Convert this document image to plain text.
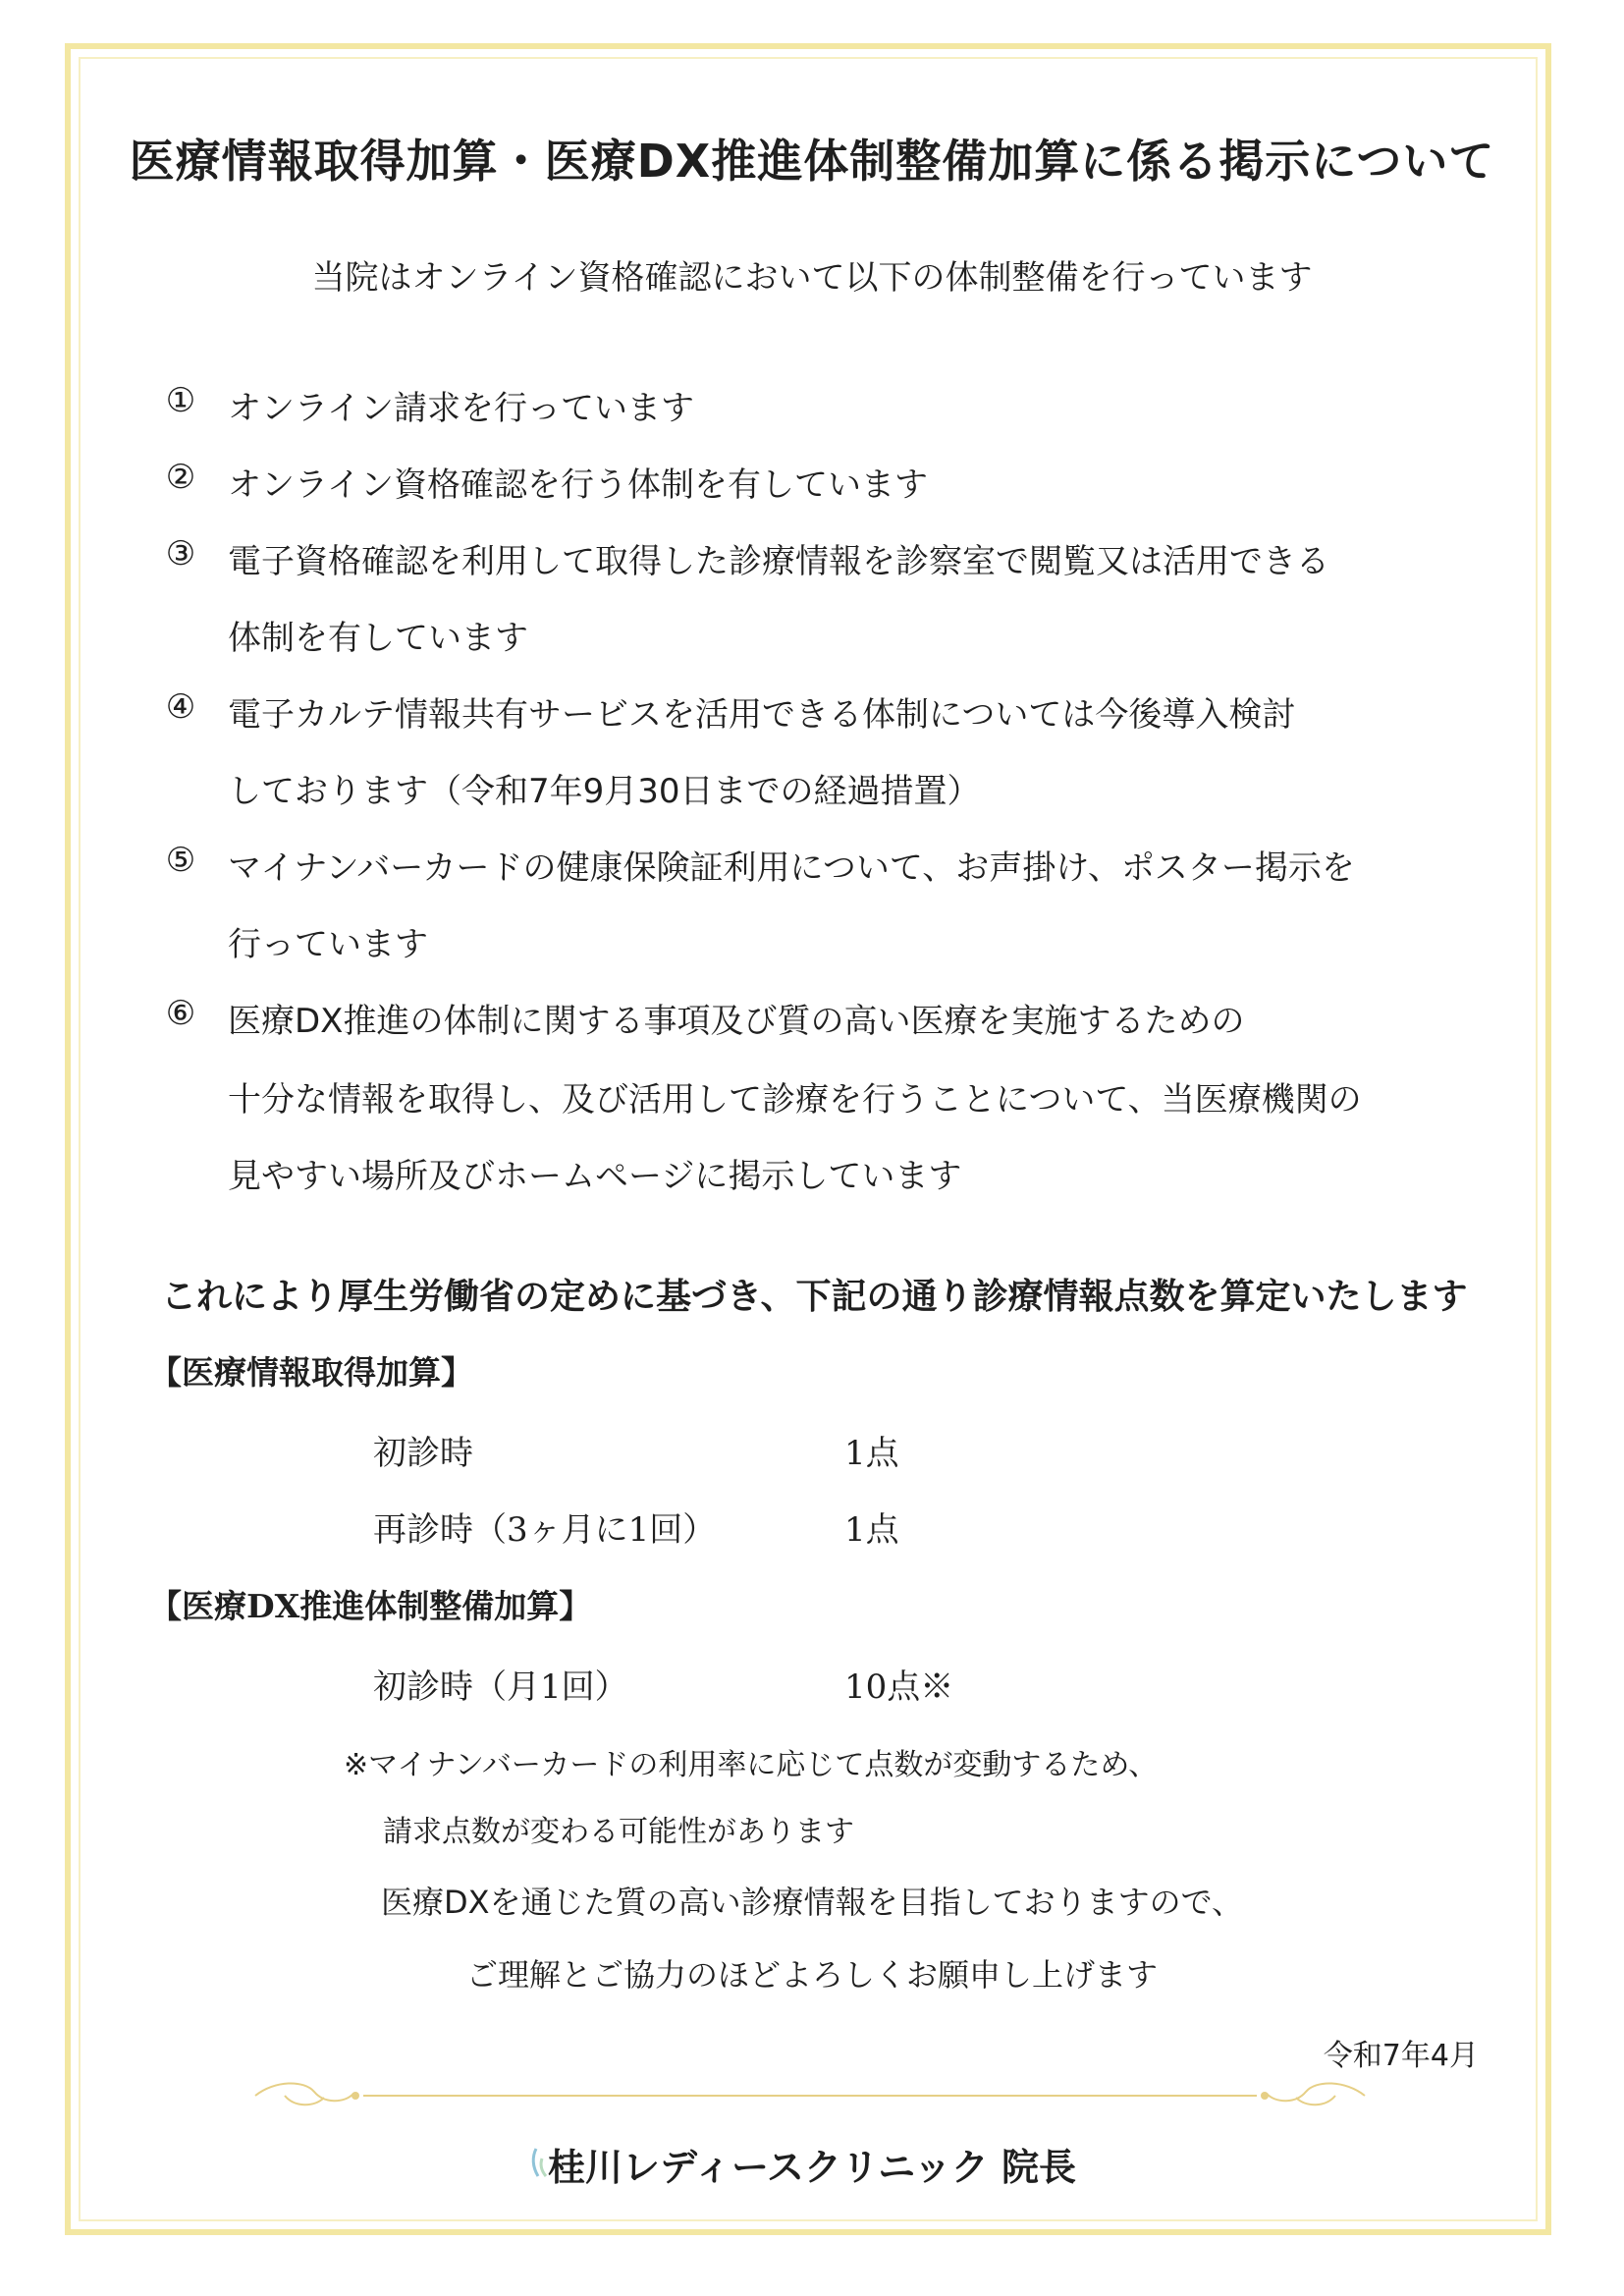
医療情報取得加算・医療DX推進体制整備加算に係る掲示について
当院はオンライン資格確認において以下の体制整備を行っています
① オンライン請求を行っています
② オンライン資格確認を行う体制を有しています
③ 電子資格確認を利用して取得した診療情報を診察室で閲覧又は活用できる
体制を有しています
④ 電子カルテ情報共有サービスを活用できる体制については今後導入検討
しております（令和7年9月30日までの経過措置）
⑤ マイナンバーカードの健康保険証利用について、お声掛け、ポスター掲示を
行っています
⑥ 医療DX推進の体制に関する事項及び質の高い医療を実施するための
十分な情報を取得し、及び活用して診療を行うことについて、当医療機関の
見やすい場所及びホームページに掲示しています
これにより厚生労働省の定めに基づき、下記の通り診療情報点数を算定いたします
【医療情報取得加算】
初診時	1点
再診時（3ヶ月に1回）	1点
【医療DX推進体制整備加算】
初診時（月1回）	10点※
※マイナンバーカードの利用率に応じて点数が変動するため、
請求点数が変わる可能性があります
医療DXを通じた質の高い診療情報を目指しておりますので、
ご理解とご協力のほどよろしくお願申し上げます
令和7年4月
桂川レディースクリニック 院長
